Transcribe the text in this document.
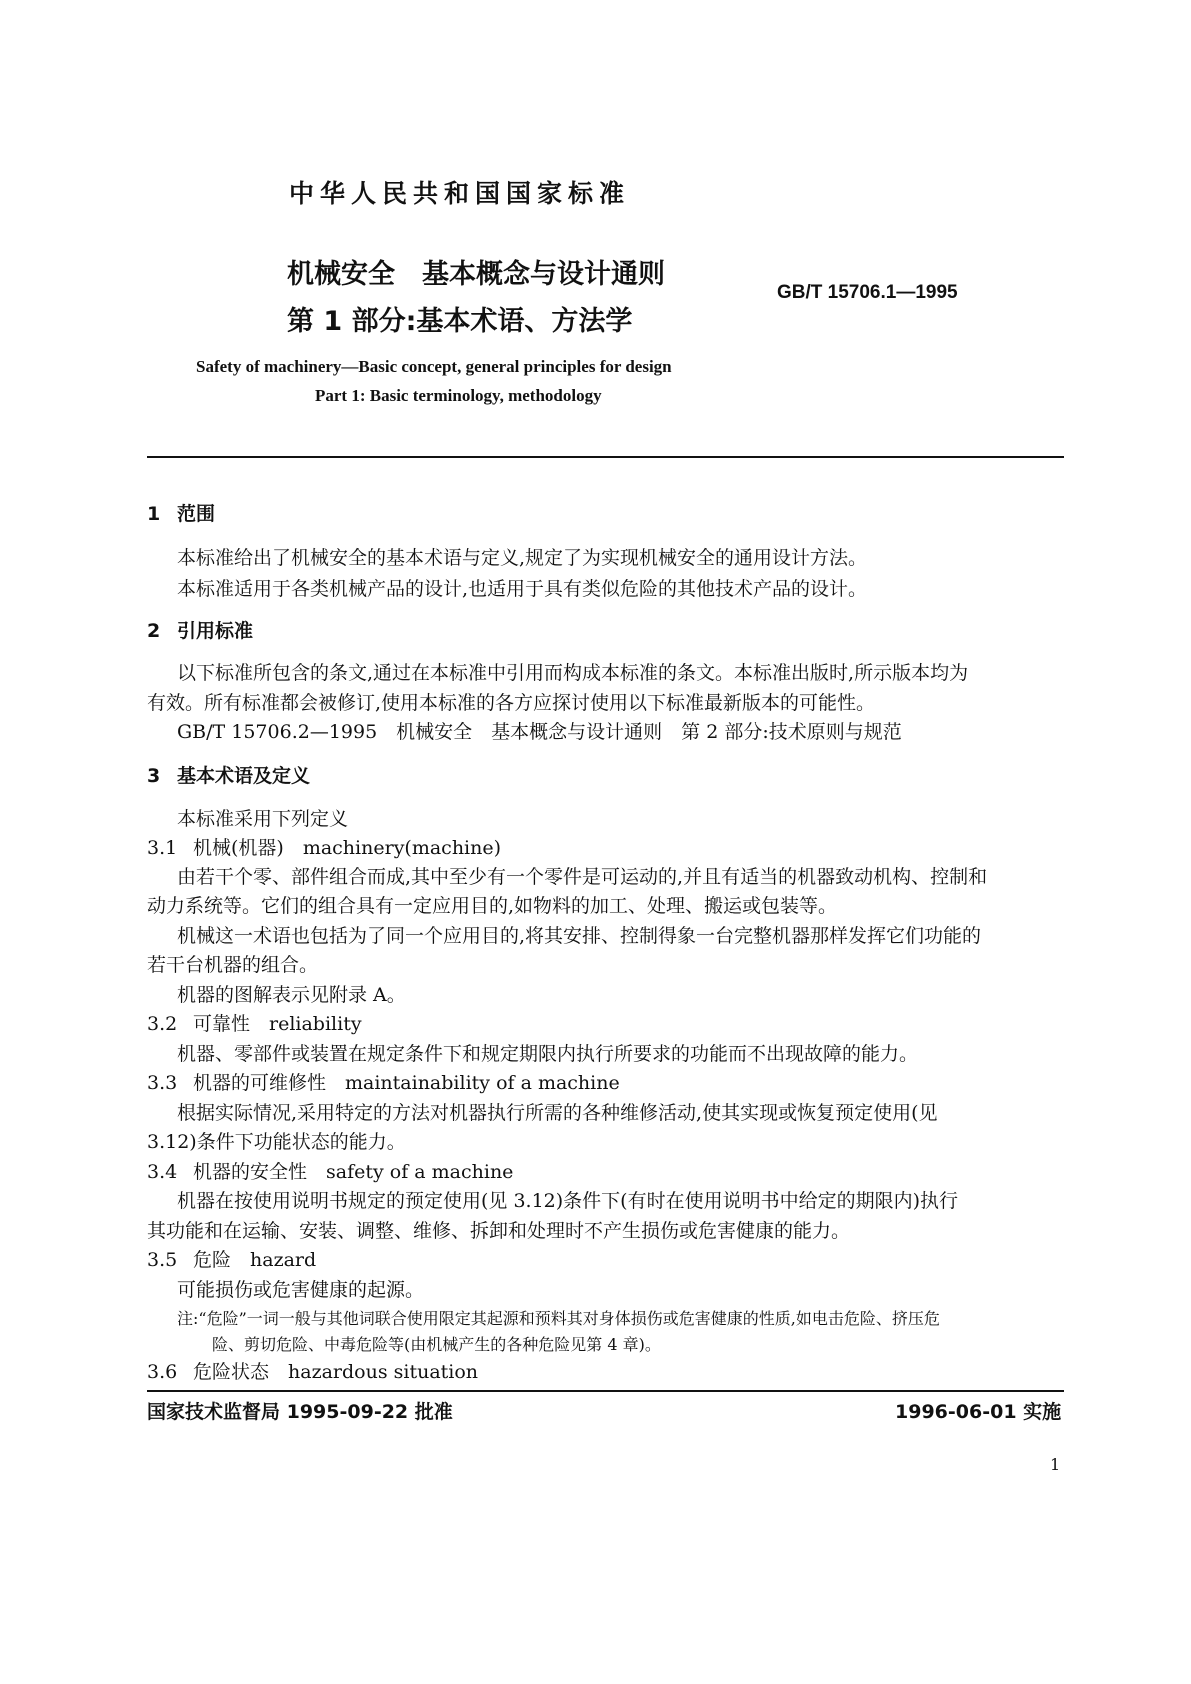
中华人民共和国国家标准
机械安全　基本概念与设计通则
第 1 部分:基本术语、方法学
GB/T 15706.1—1995
Safety of machinery—Basic concept, general principles for design
Part 1: Basic terminology, methodology
1 范围
本标准给出了机械安全的基本术语与定义,规定了为实现机械安全的通用设计方法。
本标准适用于各类机械产品的设计,也适用于具有类似危险的其他技术产品的设计。
2 引用标准
以下标准所包含的条文,通过在本标准中引用而构成本标准的条文。本标准出版时,所示版本均为
有效。所有标准都会被修订,使用本标准的各方应探讨使用以下标准最新版本的可能性。
GB/T 15706.2—1995　机械安全　基本概念与设计通则　第 2 部分:技术原则与规范
3 基本术语及定义
本标准采用下列定义
3.1 机械(机器)　machinery(machine)
由若干个零、部件组合而成,其中至少有一个零件是可运动的,并且有适当的机器致动机构、控制和
动力系统等。它们的组合具有一定应用目的,如物料的加工、处理、搬运或包装等。
机械这一术语也包括为了同一个应用目的,将其安排、控制得象一台完整机器那样发挥它们功能的
若干台机器的组合。
机器的图解表示见附录 A。
3.2 可靠性　reliability
机器、零部件或装置在规定条件下和规定期限内执行所要求的功能而不出现故障的能力。
3.3 机器的可维修性　maintainability of a machine
根据实际情况,采用特定的方法对机器执行所需的各种维修活动,使其实现或恢复预定使用(见
3.12)条件下功能状态的能力。
3.4 机器的安全性　safety of a machine
机器在按使用说明书规定的预定使用(见 3.12)条件下(有时在使用说明书中给定的期限内)执行
其功能和在运输、安装、调整、维修、拆卸和处理时不产生损伤或危害健康的能力。
3.5 危险　hazard
可能损伤或危害健康的起源。
注:“危险”一词一般与其他词联合使用限定其起源和预料其对身体损伤或危害健康的性质,如电击危险、挤压危
险、剪切危险、中毒危险等(由机械产生的各种危险见第 4 章)。
3.6 危险状态　hazardous situation
国家技术监督局 1995-09-22 批准	1996-06-01 实施
1
